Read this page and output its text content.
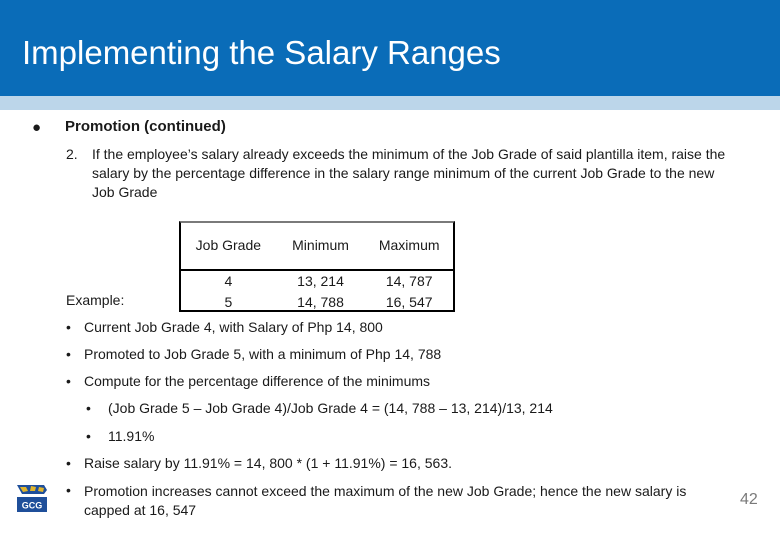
Implementing the Salary Ranges
● Promotion (continued)
2. If the employee’s salary already exceeds the minimum of the Job Grade of said plantilla item, raise the salary by the percentage difference in the salary range minimum of the current Job Grade to the new Job Grade
Example:
Job Grade	Minimum	Maximum
4	13, 214	14, 787
5	14, 788	16, 547
• Current Job Grade 4, with Salary of Php 14, 800
• Promoted to Job Grade 5, with a minimum of Php 14, 788
• Compute for the percentage difference of the minimums
• (Job Grade 5 – Job Grade 4)/Job Grade 4 = (14, 788 – 13, 214)/13, 214
• 11.91%
• Raise salary by 11.91% = 14, 800 * (1 + 11.91%) = 16, 563.
• Promotion increases cannot exceed the maximum of the new Job Grade; hence the new salary is capped at 16, 547
GCG	42
